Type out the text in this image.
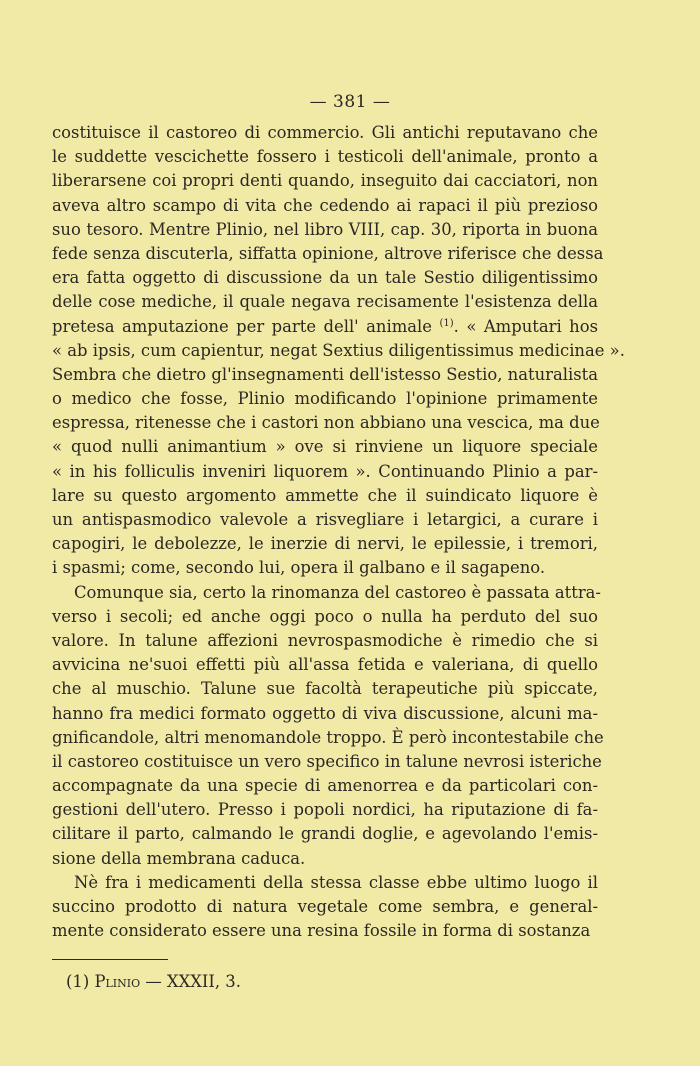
— 381 —
costituisce il castoreo di commercio. Gli antichi reputavano che
le suddette vescichette fossero i testicoli dell'animale, pronto a
liberarsene coi propri denti quando, inseguito dai cacciatori, non
aveva altro scampo di vita che cedendo ai rapaci il più prezioso
suo tesoro. Mentre Plinio, nel libro VIII, cap. 30, riporta in buona
fede senza discuterla, siffatta opinione, altrove riferisce che dessa
era fatta oggetto di discussione da un tale Sestio diligentissimo
delle cose mediche, il quale negava recisamente l'esistenza della
pretesa amputazione per parte dell' animale $^{(1)}$. « Amputari hos
« ab ipsis, cum capientur, negat Sextius diligentissimus medicinae ».
Sembra che dietro gl'insegnamenti dell'istesso Sestio, naturalista
o medico che fosse, Plinio modificando l'opinione primamente
espressa, ritenesse che i castori non abbiano una vescica, ma due
« quod nulli animantium » ove si rinviene un liquore speciale
« in his folliculis inveniri liquorem ». Continuando Plinio a par-
lare su questo argomento ammette che il suindicato liquore è
un antispasmodico valevole a risvegliare i letargici, a curare i
capogiri, le debolezze, le inerzie di nervi, le epilessie, i tremori,
i spasmi; come, secondo lui, opera il galbano e il sagapeno.
Comunque sia, certo la rinomanza del castoreo è passata attra-
verso i secoli; ed anche oggi poco o nulla ha perduto del suo
valore. In talune affezioni nevrospasmodiche è rimedio che si
avvicina ne'suoi effetti più all'assa fetida e valeriana, di quello
che al muschio. Talune sue facoltà terapeutiche più spiccate,
hanno fra medici formato oggetto di viva discussione, alcuni ma-
gnificandole, altri menomandole troppo. È però incontestabile che
il castoreo costituisce un vero specifico in talune nevrosi isteriche
accompagnate da una specie di amenorrea e da particolari con-
gestioni dell'utero. Presso i popoli nordici, ha riputazione di fa-
cilitare il parto, calmando le grandi doglie, e agevolando l'emis-
sione della membrana caduca.
Nè fra i medicamenti della stessa classe ebbe ultimo luogo il
succino prodotto di natura vegetale come sembra, e general-
mente considerato essere una resina fossile in forma di sostanza
(1) Plinio — XXXII, 3.
